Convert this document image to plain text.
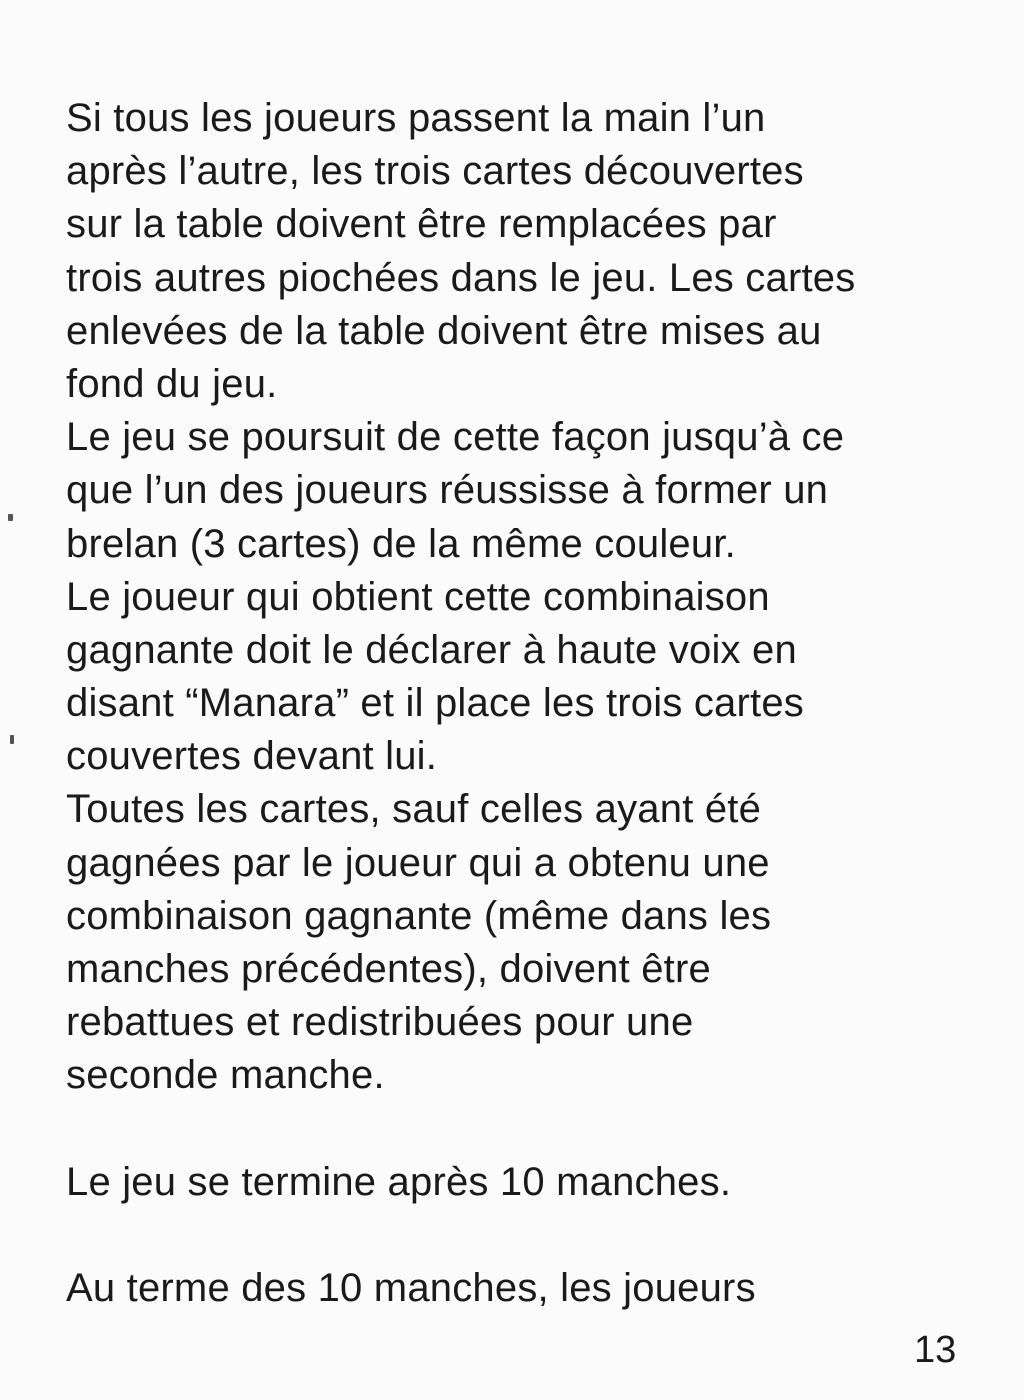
Si tous les joueurs passent la main l’un
après l’autre, les trois cartes découvertes
sur la table doivent être remplacées par
trois autres piochées dans le jeu. Les cartes
enlevées de la table doivent être mises au
fond du jeu.
Le jeu se poursuit de cette façon jusqu’à ce
que l’un des joueurs réussisse à former un
brelan (3 cartes) de la même couleur.
Le joueur qui obtient cette combinaison
gagnante doit le déclarer à haute voix en
disant “Manara” et il place les trois cartes
couvertes devant lui.
Toutes les cartes, sauf celles ayant été
gagnées par le joueur qui a obtenu une
combinaison gagnante (même dans les
manches précédentes), doivent être
rebattues et redistribuées pour une
seconde manche.
Le jeu se termine après 10 manches.
Au terme des 10 manches, les joueurs
13
